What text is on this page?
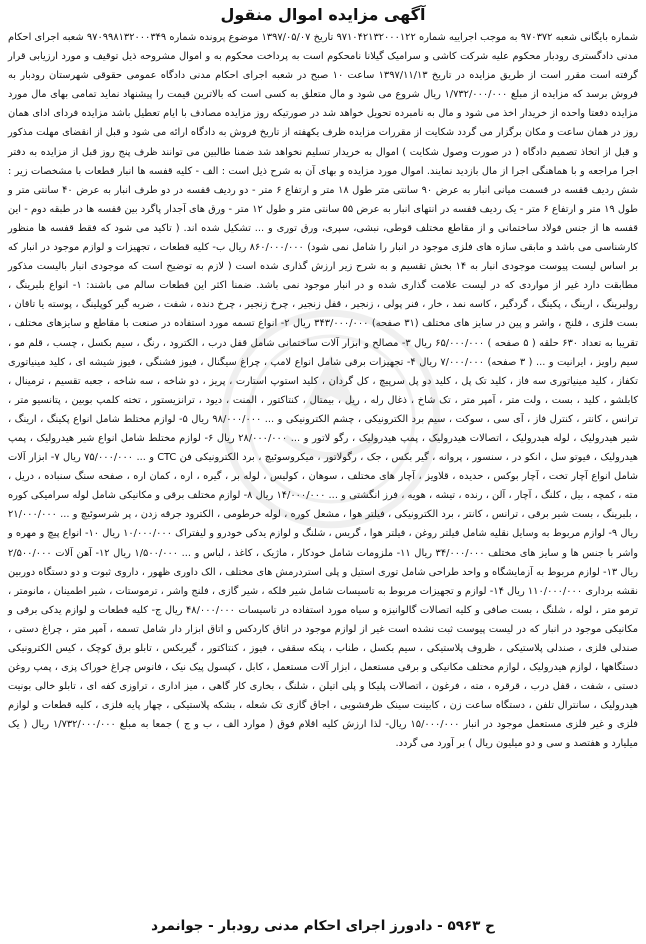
آگهی مزایده اموال منقول

شماره بایگانی شعبه ۹۷۰۳۷۲ به موجب اجراییه شماره ۹۷۱۰۴۲۱۳۲۰۰۰۱۲۲ تاریخ ۱۳۹۷/۰۵/۰۷ موضوع پرونده شماره ۹۷۰۹۹۸۱۳۲۰۰۰۳۴۹ شعبه اجرای احکام مدنی دادگستری رودبار محکوم علیه شرکت کاشی و سرامیک گیلانا نامحکوم است به پرداخت محکوم به و اموال مشروحه ذیل توقیف و مورد ارزیابی قرار گرفته است مقرر است از طریق مزایده در تاریخ ۱۳۹۷/۱۱/۱۳ ساعت ۱۰ صبح در شعبه اجرای احکام مدنی دادگاه عمومی حقوقی شهرستان رودبار به فروش برسد که مزایده از مبلغ ۱/۷۳۲/۰۰۰/۰۰۰ ریال شروع می شود و مال متعلق به کسی است که بالاترین قیمت را پیشنهاد نماید تمامی بهای مال مورد مزایده دفعتا واحده از خریدار اخذ می شود و مال به نامبرده تحویل خواهد شد در صورتیکه روز مزایده مصادف با ایام تعطیل باشد مزایده فردای ادای همان روز در همان ساعت و مکان برگزار می گردد شکایت از مقررات مزایده ظرف یکهفته از تاریخ فروش به دادگاه ارائه می شود و قبل از انقضای مهلت مذکور و قبل از اتخاذ تصمیم دادگاه ( در صورت وصول شکایت ) اموال به خریدار تسلیم نخواهد شد ضمنا طالبین می توانند ظرف پنج روز قبل از مزایده به دفتر اجرا مراجعه و با هماهنگی اجرا از مال بازدید نمایند. اموال مورد مزایده و بهای آن به شرح ذیل است : الف - کلیه قفسه ها انبار قطعات با مشخصات زیر : شش ردیف قفسه در قسمت میانی انبار به عرض ۹۰ سانتی متر طول ۱۸ متر و ارتفاع ۶ متر - دو ردیف قفسه در دو طرف انبار به عرض ۴۰ سانتی متر و طول ۱۹ متر و ارتفاع ۶ متر - یک ردیف قفسه در انتهای انبار به عرض ۵۵ سانتی متر و طول ۱۲ متر - ورق های آجدار پاگرد بین قفسه ها در طبقه دوم - این قفسه ها از جنس فولاد ساختمانی و از مقاطع مختلف قوطی، نبشی، سپری، ورق توری و ... تشکیل شده اند. ( تاکید می شود که فقط قفسه ها منظور کارشناسی می باشد و مابقی سازه های فلزی موجود در انبار را شامل نمی شود) ۸۶۰/۰۰۰/۰۰۰ ریال ب- کلیه قطعات ، تجهیزات و لوازم موجود در انبار که بر اساس لیست پیوست موجودی انبار به ۱۴ بخش تقسیم و به شرح زیر ارزش گذاری شده است ( لازم به توضیح است که موجودی انبار بالیست مذکور مطابقت دارد غیر از مواردی که در لیست علامت گذاری شده و در انبار موجود نمی باشد. ضمنا اکثر این قطعات سالم می باشند: ۱- انواع بلبرینگ ، رولبرینگ ، ارینگ ، پکینگ ، گردگیر ، کاسه نمد ، خار ، فنر پولی ، زنجیر ، قفل زنجیر ، چرخ زنجیر ، چرخ دنده ، شفت ، ضربه گیر کوپلینگ ، پوسته یا تاقان ، بست فلزی ، فلنج ، واشر و پین در سایز های مختلف (۳۱ صفحه) ۳۴۳/۰۰۰/۰۰۰ ریال ۲- انواع تسمه مورد استفاده در صنعت با مقاطع و سایزهای مختلف ، تقریبا به تعداد ۶۳۰ حلقه ( ۵ صفحه ) ۶۵/۰۰۰/۰۰۰ ریال ۳- مصالح و ابزار آلات ساختمانی شامل قفل درب ، الکترود ، رنگ ، سیم بکسل ، چسب ، قلم مو ، سیم راویز ، ایرانیت و ... ( ۳ صفحه) ۷/۰۰۰/۰۰۰ ریال ۴- تجهیزات برقی شامل انواع لامپ ، چراغ سیگنال ، فیوز فشنگی ، فیوز شیشه ای ، کلید مینیاتوری تکفاز ، کلید مینیاتوری سه فاز ، کلید تک پل ، کلید دو پل سرپیچ ، کل گردان ، کلید استوپ استارت ، پریز ، دو شاخه ، سه شاخه ، جعبه تقسیم ، ترمینال ، کابلشو ، کلید ، بست ، ولت متر ، آمپر متر ، تک شاخ ، ذغال رله ، ریل ، بیمتال ، کنتاکتور ، المنت ، دیود ، ترانزیستور ، تخته کلمپ بوبین ، پتانسیو متر ، ترانس ، کانتر ، کنترل فاز ، آی سی ، سوکت ، سیم برد الکترونیکی ، چشم الکترونیکی و ... ۹۸/۰۰۰/۰۰۰ ریال ۵- لوازم مختلط شامل انواع پکینگ ، ارینگ ، شیر هیدرولیک ، لوله هیدرولیک ، اتصالات هیدرولیک ، پمپ هیدرولیک ، رگو لاتور و ... ۲۸/۰۰۰/۰۰۰ ریال ۶- لوازم مختلط شامل انواع شیر هیدرولیک ، پمپ هیدرولیک ، فیوتو سل ، انکو در ، سنسور ، پروانه ، گیر بکس ، جک ، رگولاتور ، میکروسوئیچ ، برد الکترونیکی فن CTC و ... ۷۵/۰۰۰/۰۰۰ ریال ۷- ابزار آلات شامل انواع آچار تخت ، آچار بوکس ، حدیده ، قلاویز ، آچار های مختلف ، سوهان ، کولیس ، لوله بر ، گیره ، اره ، کمان اره ، صفحه سنگ سنباده ، دریل ، مته ، کمچه ، بیل ، کلنگ ، آچار ، آلن ، رنده ، تیشه ، هویه ، فرز انگشتی و ... ۱۴/۰۰۰/۰۰۰ ریال ۸- لوازم مختلف برقی و مکانیکی شامل لوله سرامیکی کوره ، بلبرینگ ، بست شیر برقی ، ترانس ، کانتر ، برد الکترونیکی ، فیلتر هوا ، مشعل کوره ، لوله خرطومی ، الکترود جرقه زدن ، پر شرسوئیچ و ... ۲۱/۰۰۰/۰۰۰ ریال ۹- لوازم مربوط به وسایل نقلیه شامل فیلتر روغن ، فیلتر هوا ، گریس ، شلنگ و لوازم یدکی خودرو و لیفتراک ۱۰/۰۰۰/۰۰۰ ریال ۱۰- انواع پیچ و مهره و واشر با جنس ها و سایز های مختلف ۳۴/۰۰۰/۰۰۰ ریال ۱۱- ملزومات شامل خودکار ، ماژیک ، کاغذ ، لباس و ... ۱/۵۰۰/۰۰۰ ریال ۱۲- آهن آلات ۲/۵۰۰/۰۰۰ ریال ۱۳- لوازم مربوط به آزمایشگاه و واحد طراحی شامل توری استیل و پلی استردرمش های مختلف ، الک داوری ظهور ، داروی ثبوت و دو دستگاه دوربین نقشه برداری ۱۱۰/۰۰۰/۰۰۰ ریال ۱۴- لوازم و تجهیزات مربوط به تاسیسات شامل شیر فلکه ، شیر گازی ، فلنج واشر ، ترموستات ، شیر اطمینان ، مانومتر ، ترمو متر ، لوله ، شلنگ ، بست صافی و کلیه اتصالات گالوانیزه و سیاه مورد استفاده در تاسیسات ۴۸/۰۰۰/۰۰۰ ریال ج- کلیه قطعات و لوازم یدکی برقی و مکانیکی موجود در انبار که در لیست پیوست ثبت نشده است غیر از لوازم موجود در اتاق کاردکس و اتاق ابزار دار شامل تسمه ، آمپر متر ، چراغ دستی ، صندلی فلزی ، صندلی پلاستیکی ، ظروف پلاستیکی ، سیم بکسل ، طناب ، پنکه سقفی ، فیوز ، کنتاکتور ، گیربکس ، تابلو برق کوچک ، کیس الکترونیکی دستگاهها ، لوازم هیدرولیک ، لوازم مختلف مکانیکی و برقی مستعمل ، ابزار آلات مستعمل ، کابل ، کپسول پیک نیک ، فانوس چراغ خوراک پزی ، پمپ روغن دستی ، شفت ، قفل درب ، قرقره ، مته ، فرغون ، اتصالات پلیکا و پلی اتیلن ، شلنگ ، بخاری کار گاهی ، میز اداری ، تراوزی کفه ای ، تابلو خالی بونیت هیدرولیک ، سانترال تلفن ، دستگاه ساعت زن ، کابینت سینک ظرفشویی ، اجاق گازی تک شعله ، بشکه پلاستیکی ، چهار پایه فلزی ، کلیه قطعات و لوازم فلزی و غیر فلزی مستعمل موجود در انبار ۱۵/۰۰۰/۰۰۰ ریال- لذا ارزش کلیه اقلام فوق ( موارد الف ، ب و ج ) جمعا به مبلغ ۱/۷۳۲/۰۰۰/۰۰۰ ریال ( یک میلیارد و هفتصد و سی و دو میلیون ریال ) بر آورد می گردد.

ح ۵۹۶۳ - دادورز اجرای احکام مدنی رودبار - جوانمرد
